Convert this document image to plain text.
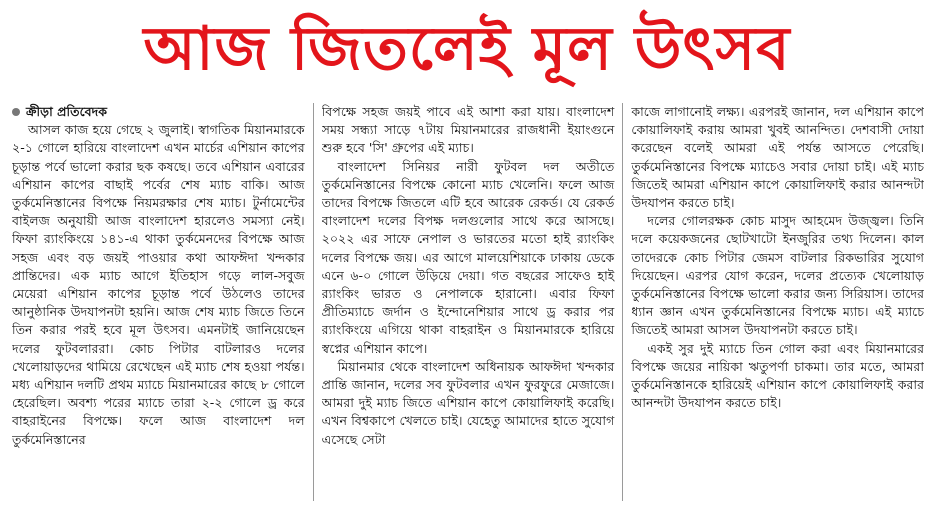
আজ জিতলেই মূল উৎসব
ক্রীড়া প্রতিবেদক

আসল কাজ হয়ে গেছে ২ জুলাই। স্বাগতিক মিয়ানমারকে ২-১ গোলে হারিয়ে বাংলাদেশ এখন মার্চের এশিয়ান কাপের চূড়ান্ত পর্বে ভালো করার ছক কষছে। তবে এশিয়ান এবারের এশিয়ান কাপের বাছাই পর্বের শেষ ম্যাচ বাকি। আজ তুর্কমেনিস্তানের বিপক্ষে নিয়মরক্ষার শেষ ম্যাচ। টুর্নামেন্টের বাইলজ অনুযায়ী আজ বাংলাদেশ হারলেও সমস্যা নেই। ফিফা র‍্যাংকিংয়ে ১৪১-এ থাকা তুর্কমেনদের বিপক্ষে আজ সহজ এবং বড় জয়ই পাওয়ার কথা আফঈদা খন্দকার প্রান্তিদের। এক ম্যাচ আগে ইতিহাস গড়ে লাল-সবুজ মেয়েরা এশিয়ান কাপের চূড়ান্ত পর্বে উঠলেও তাদের আনুষ্ঠানিক উদযাপনটা হয়নি। আজ শেষ ম্যাচ জিতে তিনে তিন করার পরই হবে মূল উৎসব। এমনটাই জানিয়েছেন দলের ফুটবলাররা। কোচ পিটার বাটলারও দলের খেলোয়াড়দের থামিয়ে রেখেছেন এই ম্যাচ শেষ হওয়া পর্যন্ত। মধ্য এশিয়ান দলটি প্রথম ম্যাচে মিয়ানমারের কাছে ৮ গোলে হেরেছিল। অবশ্য পরের ম্যাচে তারা ২-২ গোলে ড্র করে বাহরাইনের বিপক্ষে। ফলে আজ বাংলাদেশ দল তুর্কমেনিস্তানের

বিপক্ষে সহজ জয়ই পাবে এই আশা করা যায়। বাংলাদেশ সময় সন্ধ্যা সাড়ে ৭টায় মিয়ানমারের রাজধানী ইয়াংগুনে শুরু হবে 'সি' গ্রুপের এই ম্যাচ।

বাংলাদেশ সিনিয়র নারী ফুটবল দল অতীতে তুর্কমেনিস্তানের বিপক্ষে কোনো ম্যাচ খেলেনি। ফলে আজ তাদের বিপক্ষে জিতলে এটি হবে আরেক রেকর্ড। যে রেকর্ড বাংলাদেশ দলের বিপক্ষ দলগুলোর সাথে করে আসছে। ২০২২ এর সাফে নেপাল ও ভারতের মতো হাই র‍্যাংকিং দলের বিপক্ষে জয়। এর আগে মালয়েশিয়াকে ঢাকায় ডেকে এনে ৬-০ গোলে উড়িয়ে দেয়া। গত বছরের সাফেও হাই র‍্যাংকিং ভারত ও নেপালকে হারানো। এবার ফিফা প্রীতিম্যাচে জর্দান ও ইন্দোনেশিয়ার সাথে ড্র করার পর র‍্যাংকিংয়ে এগিয়ে থাকা বাহরাইন ও মিয়ানমারকে হারিয়ে স্বপ্নের এশিয়ান কাপে।

মিয়ানমার থেকে বাংলাদেশ অধিনায়ক আফঈদা খন্দকার প্রান্তি জানান, দলের সব ফুটবলার এখন ফুরফুরে মেজাজে। আমরা দুই ম্যাচ জিতে এশিয়ান কাপে কোয়ালিফাই করেছি। এখন বিশ্বকাপে খেলতে চাই। যেহেতু আমাদের হাতে সুযোগ এসেছে সেটা

কাজে লাগানোই লক্ষ্য। এরপরই জানান, দল এশিয়ান কাপে কোয়ালিফাই করায় আমরা খুবই আনন্দিত। দেশবাসী দোয়া করেছেন বলেই আমরা এই পর্যন্ত আসতে পেরেছি। তুর্কমেনিস্তানের বিপক্ষে ম্যাচেও সবার দোয়া চাই। এই ম্যাচ জিতেই আমরা এশিয়ান কাপে কোয়ালিফাই করার আনন্দটা উদযাপন করতে চাই।

দলের গোলরক্ষক কোচ মাসুদ আহমেদ উজ্জ্বল। তিনি দলে কয়েকজনের ছোটখাটো ইনজুরির তথ্য দিলেন। কাল তাদেরকে কোচ পিটার জেমস বাটলার রিকভারির সুযোগ দিয়েছেন। এরপর যোগ করেন, দলের প্রত্যেক খেলোয়াড় তুর্কমেনিস্তানের বিপক্ষে ভালো করার জন্য সিরিয়াস। তাদের ধ্যান জ্ঞান এখন তুর্কমেনিস্তানের বিপক্ষে ম্যাচ। এই ম্যাচে জিতেই আমরা আসল উদযাপনটা করতে চাই।

একই সুর দুই ম্যাচে তিন গোল করা এবং মিয়ানমারের বিপক্ষে জয়ের নায়িকা ঋতুপর্ণা চাকমা। তার মতে, আমরা তুর্কমেনিস্তানকে হারিয়েই এশিয়ান কাপে কোয়ালিফাই করার আনন্দটা উদযাপন করতে চাই।
